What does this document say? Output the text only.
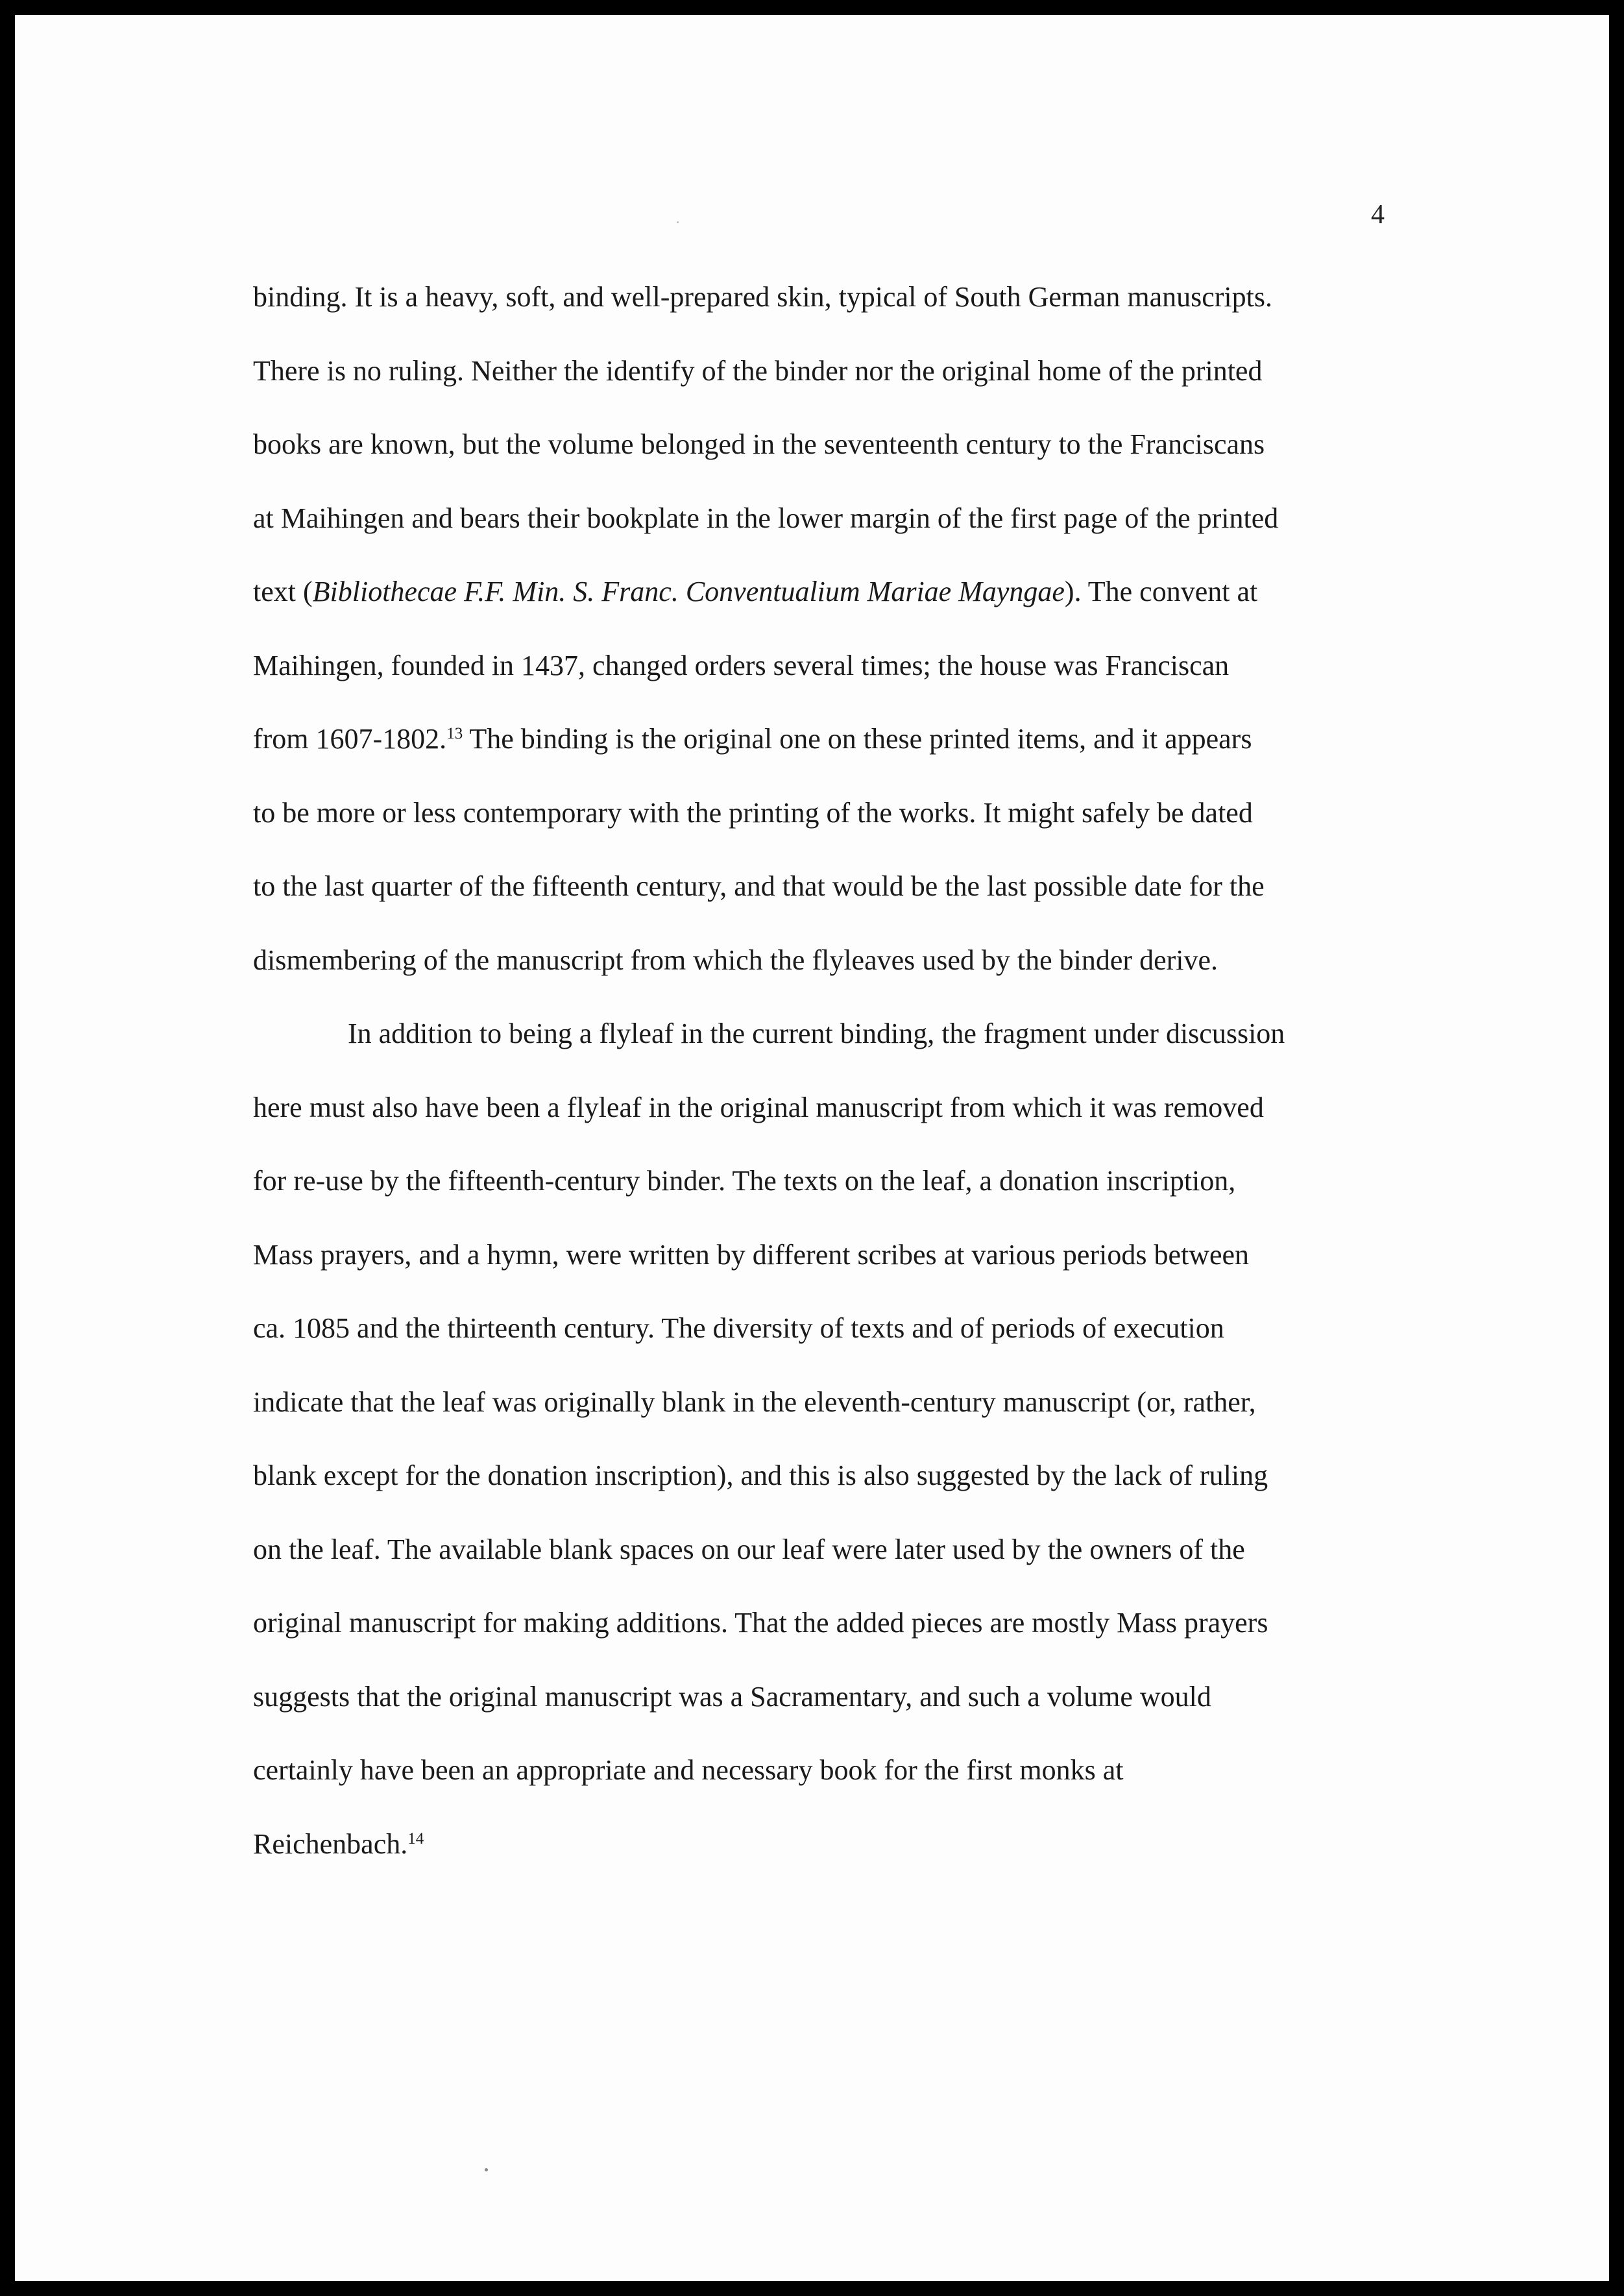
4
binding. It is a heavy, soft, and well-prepared skin, typical of South German manuscripts.
There is no ruling. Neither the identify of the binder nor the original home of the printed
books are known, but the volume belonged in the seventeenth century to the Franciscans
at Maihingen and bears their bookplate in the lower margin of the first page of the printed
text (Bibliothecae F.F. Min. S. Franc. Conventualium Mariae Mayngae). The convent at
Maihingen, founded in 1437, changed orders several times; the house was Franciscan
from 1607-1802.13 The binding is the original one on these printed items, and it appears
to be more or less contemporary with the printing of the works. It might safely be dated
to the last quarter of the fifteenth century, and that would be the last possible date for the
dismembering of the manuscript from which the flyleaves used by the binder derive.
In addition to being a flyleaf in the current binding, the fragment under discussion
here must also have been a flyleaf in the original manuscript from which it was removed
for re-use by the fifteenth-century binder. The texts on the leaf, a donation inscription,
Mass prayers, and a hymn, were written by different scribes at various periods between
ca. 1085 and the thirteenth century. The diversity of texts and of periods of execution
indicate that the leaf was originally blank in the eleventh-century manuscript (or, rather,
blank except for the donation inscription), and this is also suggested by the lack of ruling
on the leaf. The available blank spaces on our leaf were later used by the owners of the
original manuscript for making additions. That the added pieces are mostly Mass prayers
suggests that the original manuscript was a Sacramentary, and such a volume would
certainly have been an appropriate and necessary book for the first monks at
Reichenbach.$^{14}$
